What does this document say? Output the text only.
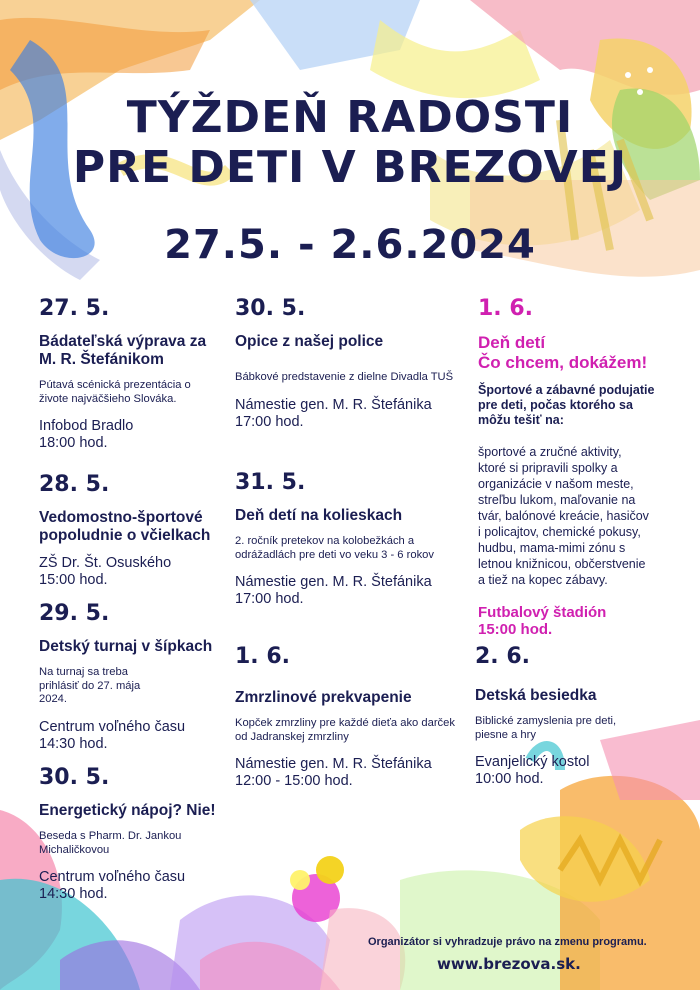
TÝŽDEŇ RADOSTI
PRE DETI V BREZOVEJ
27.5. - 2.6.2024
27. 5.
Bádateľská výprava za M. R. Štefánikom
Pútavá scénická prezentácia o živote najväčšieho Slováka.
Infobod Bradlo
18:00 hod.
28. 5.
Vedomostno-športové popoludnie o včielkach
ZŠ Dr. Št. Osuského
15:00 hod.
29. 5.
Detský turnaj v šípkach
Na turnaj sa treba prihlásiť do 27. mája 2024.
Centrum voľného času
14:30 hod.
30. 5.
Energetický nápoj? Nie!
Beseda s Pharm. Dr. Jankou Michaličkovou
Centrum voľného času
14:30 hod.
30. 5.
Opice z našej police
Bábkové predstavenie z dielne Divadla TUŠ
Námestie gen. M. R. Štefánika
17:00 hod.
31. 5.
Deň detí na kolieskach
2. ročník pretekov na kolobežkách a odrážadlách pre deti vo veku 3 - 6 rokov
Námestie gen. M. R. Štefánika
17:00 hod.
1. 6.
Zmrzlinové prekvapenie
Kopček zmrzliny pre každé dieťa ako darček od Jadranskej zmrzliny
Námestie gen. M. R. Štefánika
12:00 - 15:00 hod.
1. 6.
Deň detí
Čo chcem, dokážem!
Športové a zábavné podujatie pre deti, počas ktorého sa môžu tešiť na:
športové a zručné aktivity, ktoré si pripravili spolky a organizácie v našom meste, streľbu lukom, maľovanie na tvár, balónové kreácie, hasičov i policajtov, chemické pokusy, hudbu, mama-mimi zónu s letnou knižnicou, občerstvenie a tiež na kopec zábavy.
Futbalový štadión
15:00 hod.
2. 6.
Detská besiedka
Biblické zamyslenia pre deti, piesne a hry
Evanjelický kostol
10:00 hod.
Organizátor si vyhradzuje právo na zmenu programu.
www.brezova.sk.
